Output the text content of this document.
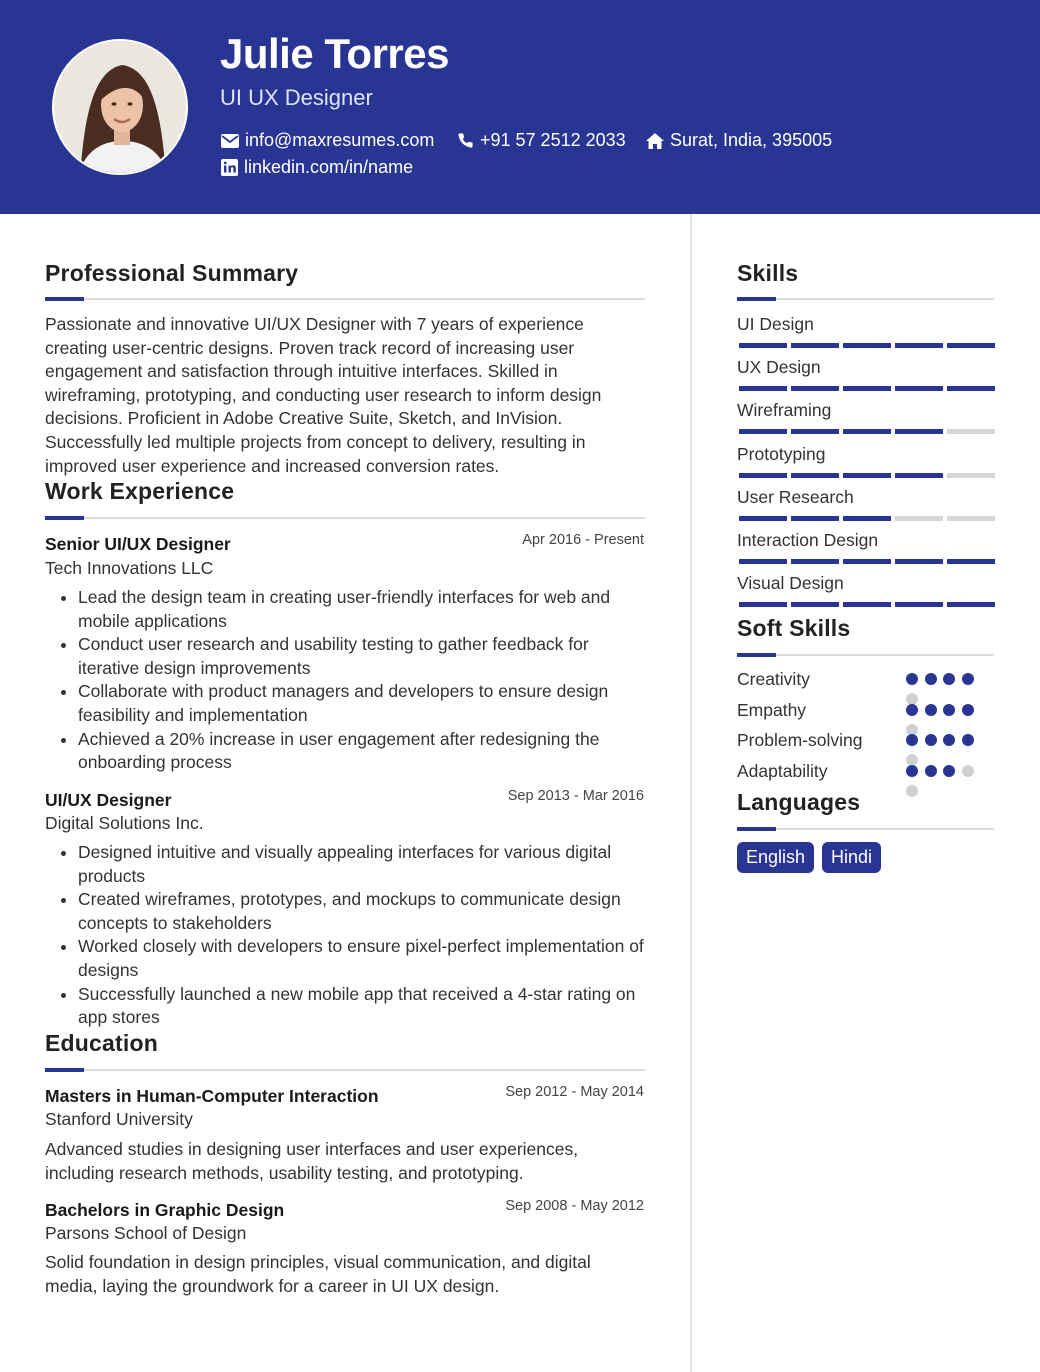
Julie Torres
UI UX Designer
info@maxresumes.com	+91 57 2512 2033 Surat, India, 395005
linkedin.com/in/name
Professional Summary
Passionate and innovative UI/UX Designer with 7 years of experience creating user-centric designs. Proven track record of increasing user engagement and satisfaction through intuitive interfaces. Skilled in wireframing, prototyping, and conducting user research to inform design decisions. Proficient in Adobe Creative Suite, Sketch, and InVision. Successfully led multiple projects from concept to delivery, resulting in improved user experience and increased conversion rates.
Work Experience
Senior UI/UX Designer	Apr 2016 - Present
Tech Innovations LLC
• Lead the design team in creating user-friendly interfaces for web and mobile applications
• Conduct user research and usability testing to gather feedback for iterative design improvements
• Collaborate with product managers and developers to ensure design feasibility and implementation
• Achieved a 20% increase in user engagement after redesigning the onboarding process
UI/UX Designer	Sep 2013 - Mar 2016
Digital Solutions Inc.
• Designed intuitive and visually appealing interfaces for various digital products
• Created wireframes, prototypes, and mockups to communicate design concepts to stakeholders
• Worked closely with developers to ensure pixel-perfect implementation of designs
• Successfully launched a new mobile app that received a 4-star rating on app stores
Education
Masters in Human-Computer Interaction	Sep 2012 - May 2014
Stanford University
Advanced studies in designing user interfaces and user experiences, including research methods, usability testing, and prototyping.
Bachelors in Graphic Design	Sep 2008 - May 2012
Parsons School of Design
Solid foundation in design principles, visual communication, and digital media, laying the groundwork for a career in UI UX design.
Skills
UI Design
UX Design
Wireframing
Prototyping
User Research
Interaction Design
Visual Design
Soft Skills
Creativity
Empathy
Problem-solving
Adaptability
Languages
English	Hindi
